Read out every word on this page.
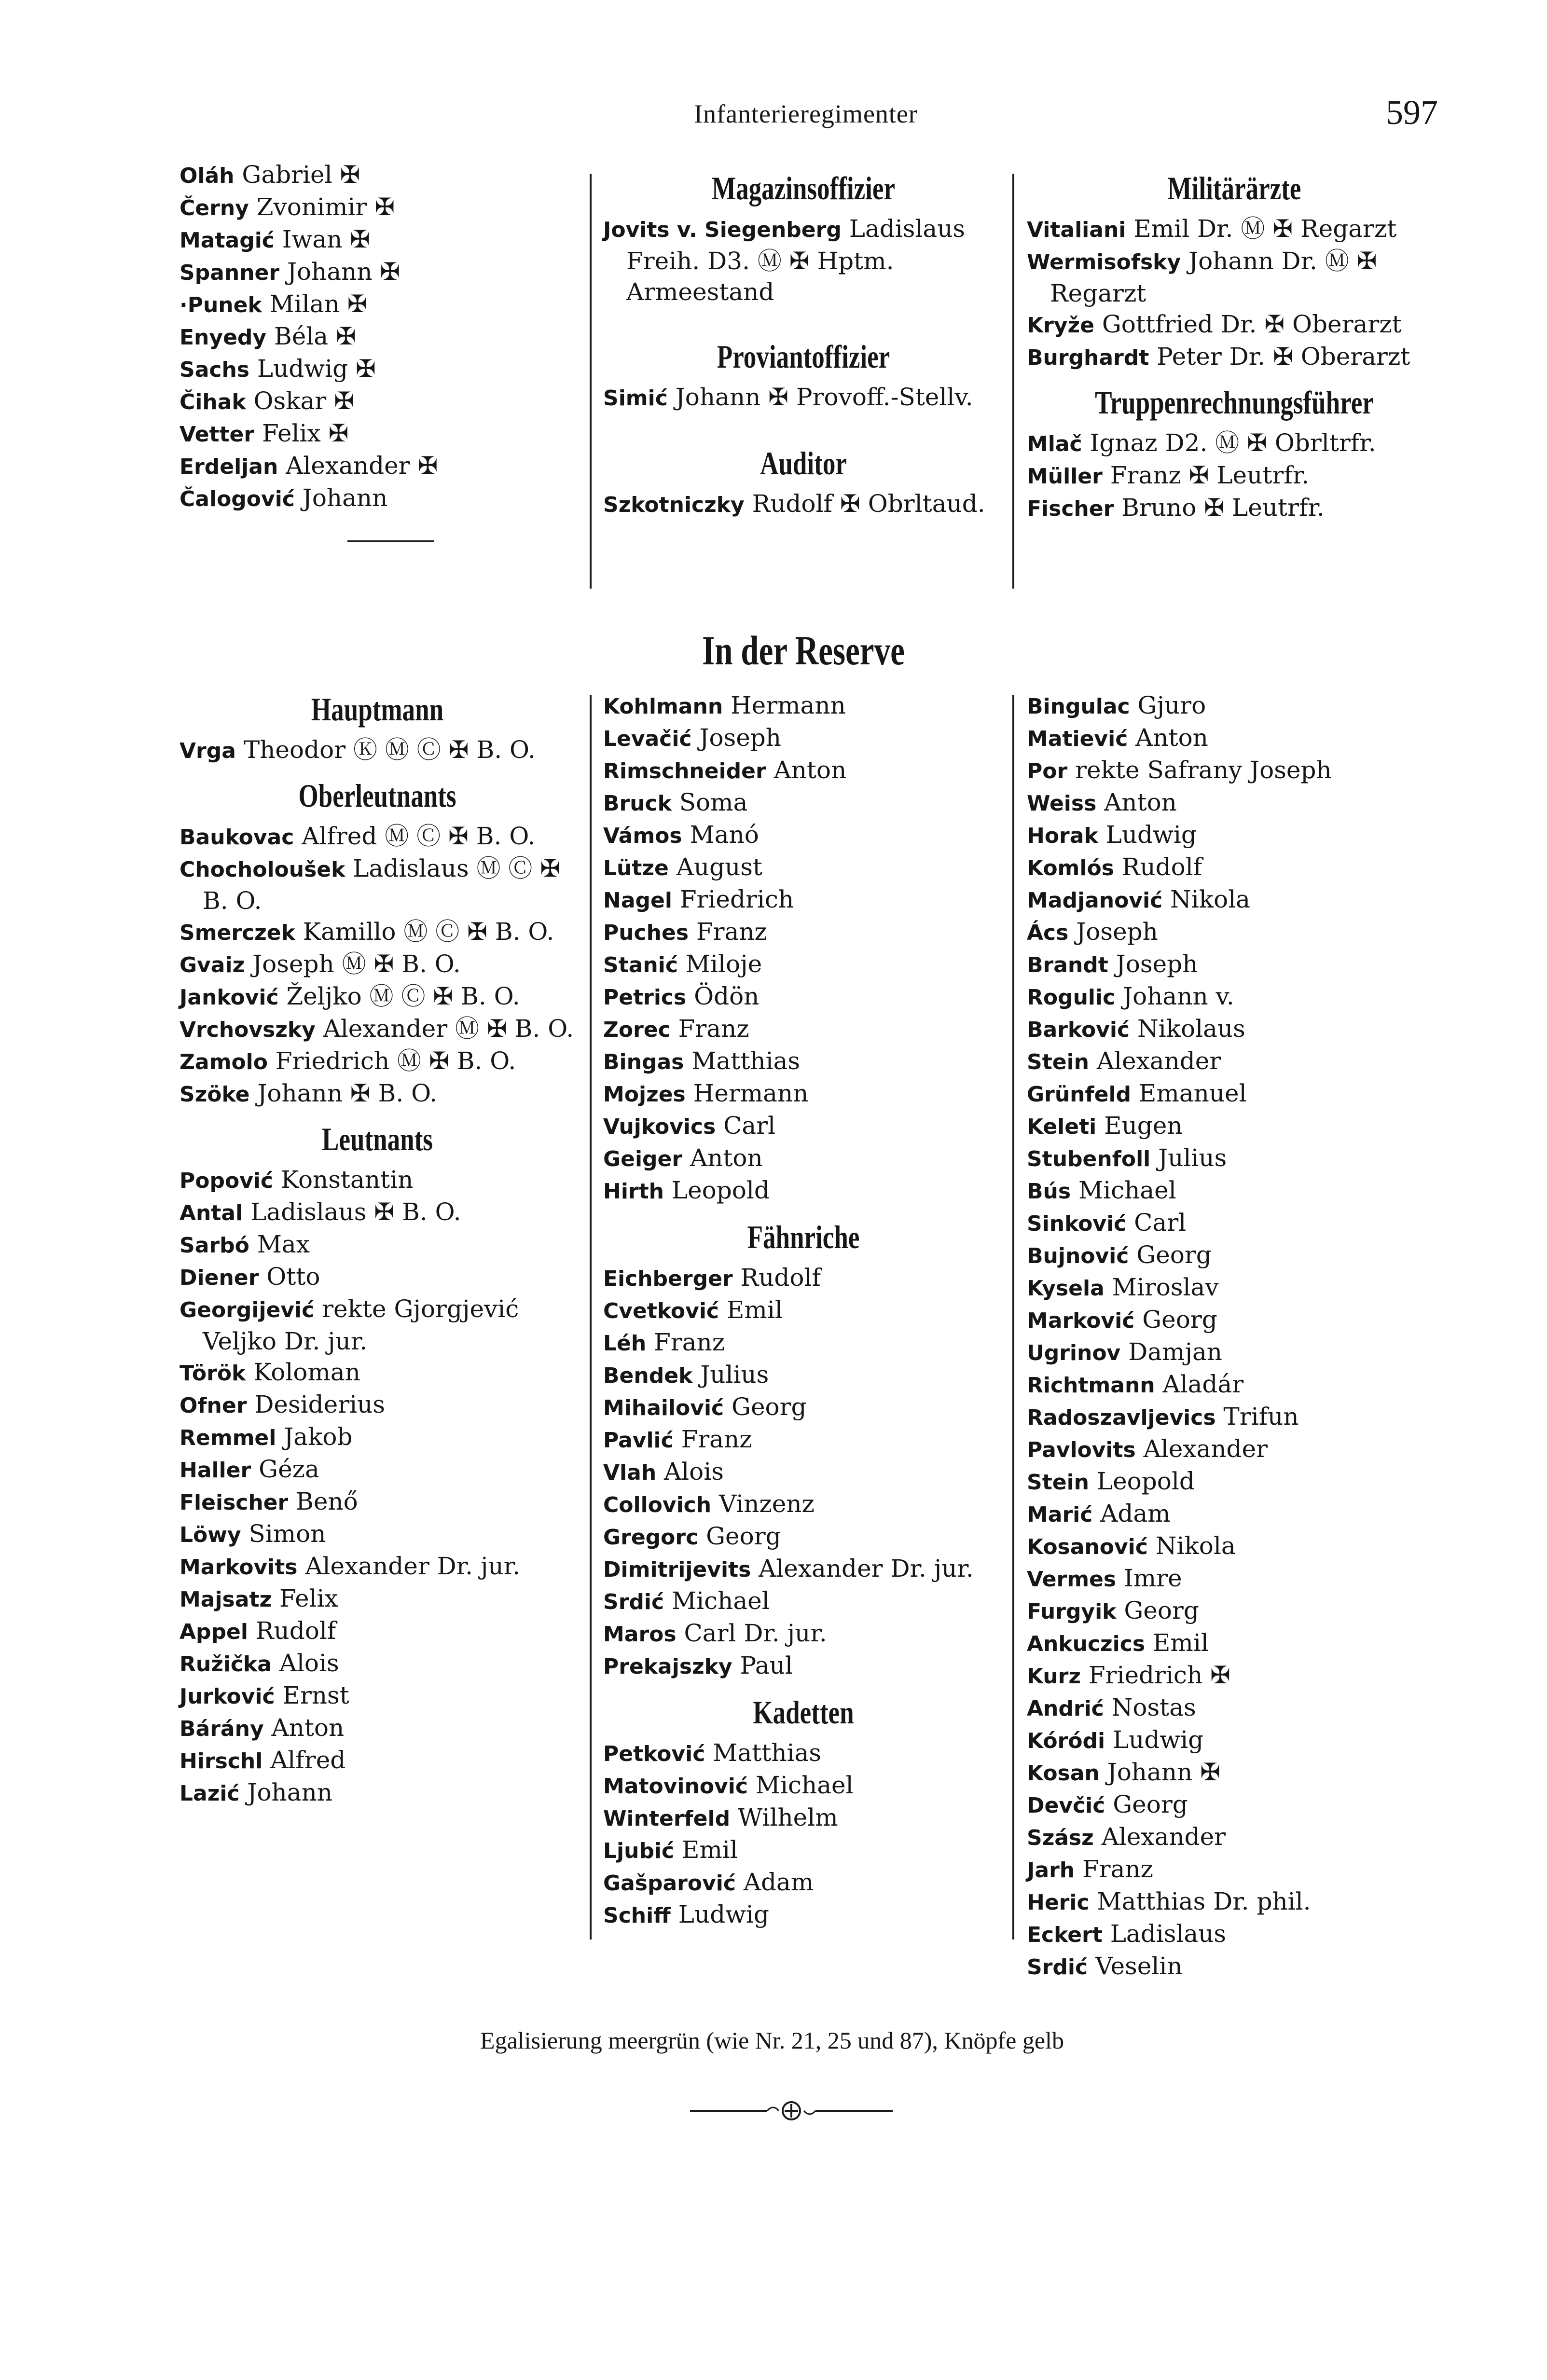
Infanterieregimenter	597
Oláh Gabriel ✠
Černy Zvonimir ✠
Matagić Iwan ✠
Spanner Johann ✠
·Punek Milan ✠
Enyedy Béla ✠
Sachs Ludwig ✠
Čihak Oskar ✠
Vetter Felix ✠
Erdeljan Alexander ✠
Čalogović Johann
Hauptmann
Vrga Theodor Ⓚ Ⓜ Ⓒ ✠ B. O.
Oberleutnants
Baukovac Alfred Ⓜ Ⓒ ✠ B. O.
Chocholoušek Ladislaus Ⓜ Ⓒ ✠ B. O.
Smerczek Kamillo Ⓜ Ⓒ ✠ B. O.
Gvaiz Joseph Ⓜ ✠ B. O.
Janković Željko Ⓜ Ⓒ ✠ B. O.
Vrchovszky Alexander Ⓜ ✠ B. O.
Zamolo Friedrich Ⓜ ✠ B. O.
Szöke Johann ✠ B. O.
Leutnants
Popović Konstantin
Antal Ladislaus ✠ B. O.
Sarbó Max
Diener Otto
Georgijević rekte Gjorgjević Veljko Dr. jur.
Török Koloman
Ofner Desiderius
Remmel Jakob
Haller Géza
Fleischer Benő
Löwy Simon
Markovits Alexander Dr. jur.
Majsatz Felix
Appel Rudolf
Ružička Alois
Jurković Ernst
Bárány Anton
Hirschl Alfred
Lazić Johann
Magazinsoffizier
Jovits v. Siegenberg Ladislaus Freih. D3. Ⓜ ✠ Hptm. Armeestand
Proviantoffizier
Simić Johann ✠ Provoff.-Stellv.
Auditor
Szkotniczky Rudolf ✠ Obrltaud.
Militärärzte
Vitaliani Emil Dr. Ⓜ ✠ Regarzt
Wermisofsky Johann Dr. Ⓜ ✠ Regarzt
Kryže Gottfried Dr. ✠ Oberarzt
Burghardt Peter Dr. ✠ Oberarzt
Truppenrechnungsführer
Mlač Ignaz D2. Ⓜ ✠ Obrltrfr.
Müller Franz ✠ Leutrfr.
Fischer Bruno ✠ Leutrfr.
In der Reserve
Kohlmann Hermann
Levačić Joseph
Rimschneider Anton
Bruck Soma
Vámos Manó
Lütze August
Nagel Friedrich
Puches Franz
Stanić Miloje
Petrics Ödön
Zorec Franz
Bingas Matthias
Mojzes Hermann
Vujkovics Carl
Geiger Anton
Hirth Leopold
Fähnriche
Eichberger Rudolf
Cvetković Emil
Léh Franz
Bendek Julius
Mihailović Georg
Pavlić Franz
Vlah Alois
Collovich Vinzenz
Gregorc Georg
Dimitrijevits Alexander Dr. jur.
Srdić Michael
Maros Carl Dr. jur.
Prekajszky Paul
Kadetten
Petković Matthias
Matovinović Michael
Winterfeld Wilhelm
Ljubić Emil
Gašparović Adam
Schiff Ludwig
Bingulac Gjuro
Matiević Anton
Por rekte Safrany Joseph
Weiss Anton
Horak Ludwig
Komlós Rudolf
Madjanović Nikola
Ács Joseph
Brandt Joseph
Rogulic Johann v.
Barković Nikolaus
Stein Alexander
Grünfeld Emanuel
Keleti Eugen
Stubenfoll Julius
Bús Michael
Sinković Carl
Bujnović Georg
Kysela Miroslav
Marković Georg
Ugrinov Damjan
Richtmann Aladár
Radoszavljevics Trifun
Pavlovits Alexander
Stein Leopold
Marić Adam
Kosanović Nikola
Vermes Imre
Furgyik Georg
Ankuczics Emil
Kurz Friedrich ✠
Andrić Nostas
Kóródi Ludwig
Kosan Johann ✠
Devčić Georg
Szász Alexander
Jarh Franz
Heric Matthias Dr. phil.
Eckert Ladislaus
Srdić Veselin
Egalisierung meergrün (wie Nr. 21, 25 und 87), Knöpfe gelb
